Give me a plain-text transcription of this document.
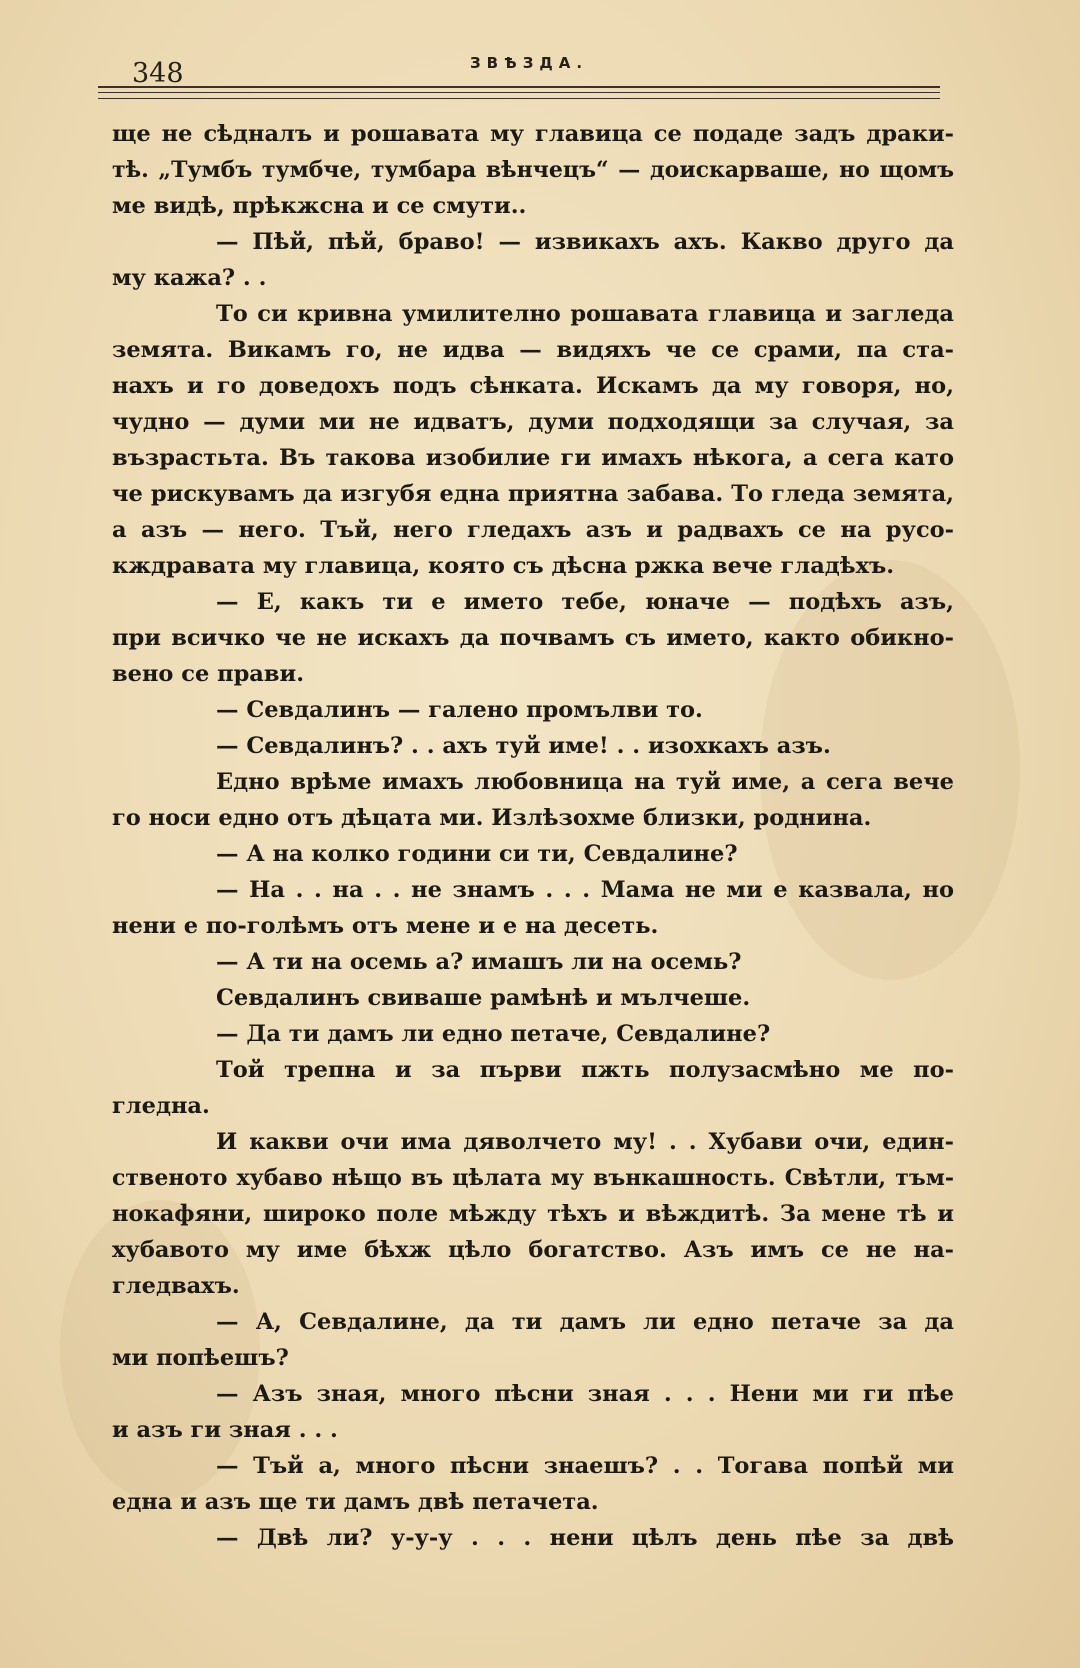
348	ЗВѢЗДА.
ще не сѣдналъ и рошавата му главица се подаде задъ драки-
тѣ. „Тумбъ тумбче, тумбара вѣнчецъ“ — доискарваше, но щомъ
ме видѣ, прѣкжсна и се смути..
— Пѣй, пѣй, браво! — извикахъ ахъ. Какво друго да
му кажа? . .
То си кривна умилително рошавата главица и загледа
земята. Викамъ го, не идва — видяхъ че се срами, па ста-
нахъ и го доведохъ подъ сѣнката. Искамъ да му говоря, но,
чудно — думи ми не идватъ, думи подходящи за случая, за
възрастьта. Въ такова изобилие ги имахъ нѣкога, а сега като
че рискувамъ да изгубя една приятна забава. То гледа земята,
а азъ — него. Тъй, него гледахъ азъ и радвахъ се на русо-
кждравата му главица, която съ дѣсна ржка вече гладѣхъ.
— Е, какъ ти е името тебе, юначе — подѣхъ азъ,
при всичко че не искахъ да почвамъ съ името, както обикно-
вено се прави.
— Севдалинъ — галено промълви то.
— Севдалинъ? . . ахъ туй име! . . изохкахъ азъ.
Едно врѣме имахъ любовница на туй име, а сега вече
го носи едно отъ дѣцата ми. Излѣзохме близки, роднина.
— А на колко години си ти, Севдалине?
— На . . на . . не знамъ . . . Мама не ми е казвала, но
нени е по-голѣмъ отъ мене и е на десеть.
— А ти на осемь а? имашъ ли на осемь?
Севдалинъ свиваше рамѣнѣ и мълчеше.
— Да ти дамъ ли едно петаче, Севдалине?
Той трепна и за първи пжть полузасмѣно ме по-
гледна.
И какви очи има дяволчето му! . . Хубави очи, един-
ственото хубаво нѣщо въ цѣлата му вънкашность. Свѣтли, тъм-
нокафяни, широко поле мѣжду тѣхъ и вѣждитѣ. За мене тѣ и
хубавото му име бѣхж цѣло богатство. Азъ имъ се не на-
гледвахъ.
— А, Севдалине, да ти дамъ ли едно петаче за да
ми попѣешъ?
— Азъ зная, много пѣсни зная . . . Нени ми ги пѣе
и азъ ги зная . . .
— Тъй а, много пѣсни знаешъ? . . Тогава попѣй ми
една и азъ ще ти дамъ двѣ петачета.
— Двѣ ли? у-у-у . . . нени цѣлъ день пѣе за двѣ
